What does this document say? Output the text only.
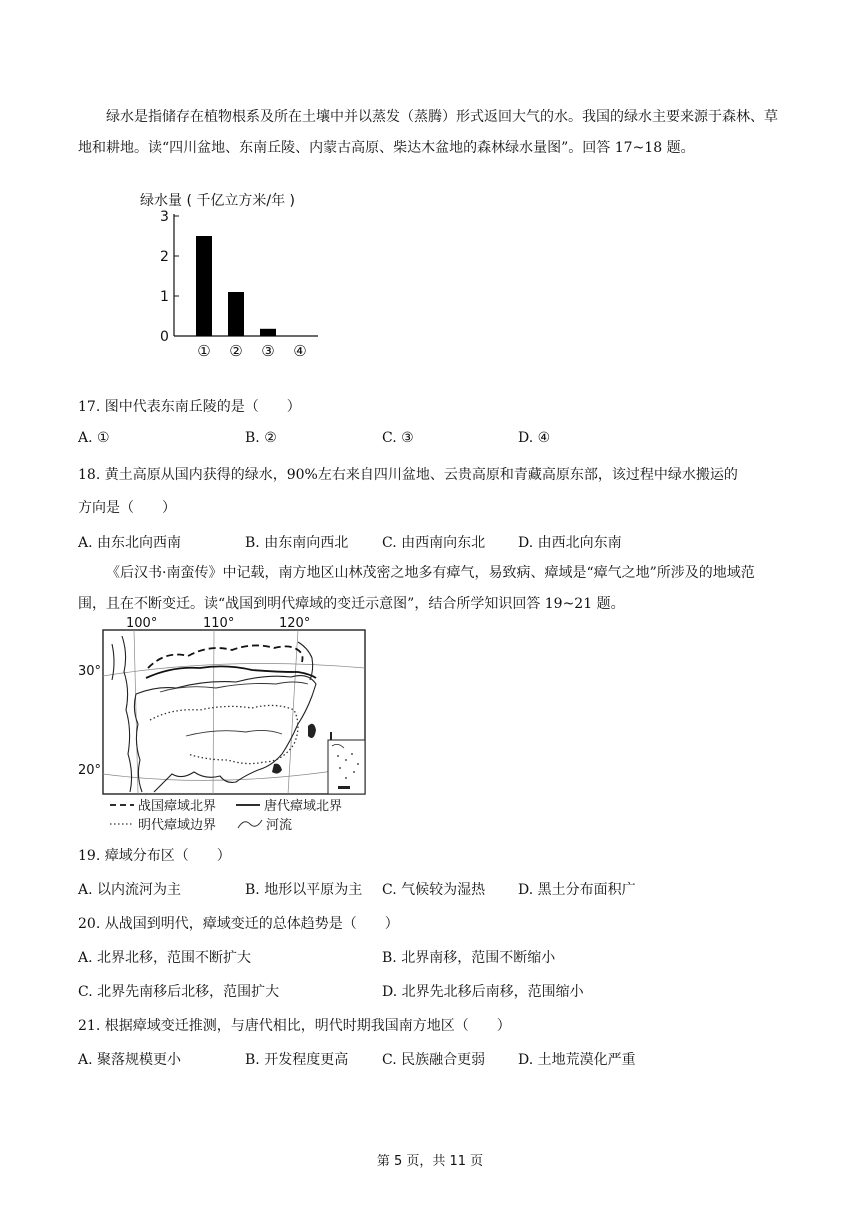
绿水是指储存在植物根系及所在土壤中并以蒸发（蒸腾）形式返回大气的水。我国的绿水主要来源于森林、草地和耕地。读“四川盆地、东南丘陵、内蒙古高原、柴达木盆地的森林绿水量图”。回答 17~18 题。
绿水量 ( 千亿立方米/年 )
0
1
2
3
① ② ③ ④
17. 图中代表东南丘陵的是（　　）
A. ①	B. ②	C. ③	D. ④
18. 黄土高原从国内获得的绿水，90%左右来自四川盆地、云贵高原和青藏高原东部，该过程中绿水搬运的
方向是（　　）
A. 由东北向西南	B. 由东南向西北 C. 由西南向东北 D. 由西北向东南
《后汉书·南蛮传》中记载，南方地区山林茂密之地多有瘴气，易致病、瘴域是“瘴气之地”所涉及的地域范围，且在不断变迁。读“战国到明代瘴域的变迁示意图”，结合所学知识回答 19~21 题。
100°	110°	120°
30°
20°
战国瘴域北界	唐代瘴域北界
明代瘴域边界	河流
19. 瘴域分布区（　　）
A. 以内流河为主	B. 地形以平原为主 C. 气候较为湿热 D. 黑土分布面积广
20. 从战国到明代，瘴域变迁的总体趋势是（　　）
A. 北界北移，范围不断扩大	B. 北界南移，范围不断缩小
C. 北界先南移后北移，范围扩大	D. 北界先北移后南移，范围缩小
21. 根据瘴域变迁推测，与唐代相比，明代时期我国南方地区（　　）
A. 聚落规模更小	B. 开发程度更高 C. 民族融合更弱 D. 土地荒漠化严重
第 5 页，共 11 页
